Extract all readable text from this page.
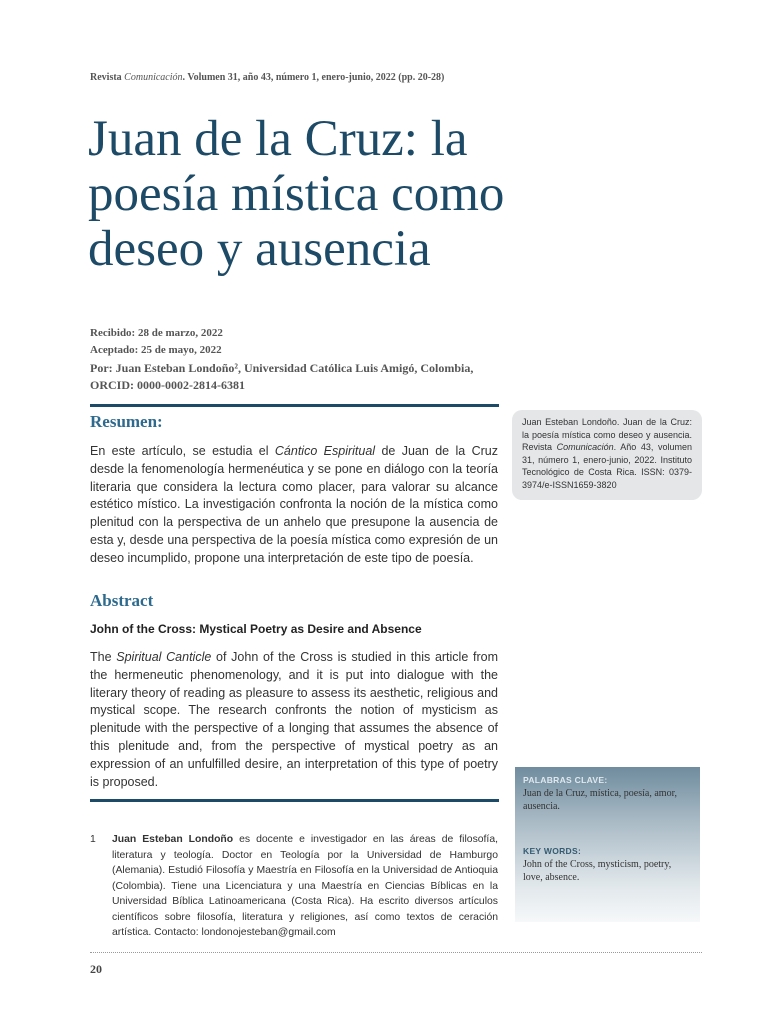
Revista Comunicación. Volumen 31, año 43, número 1, enero-junio, 2022 (pp. 20-28)
Juan de la Cruz: la poesía mística como deseo y ausencia
Recibido: 28 de marzo, 2022
Aceptado: 25 de mayo, 2022
Por: Juan Esteban Londoño², Universidad Católica Luis Amigó, Colombia, ORCID: 0000-0002-2814-6381
Resumen:
En este artículo, se estudia el Cántico Espiritual de Juan de la Cruz desde la fenomenología hermenéutica y se pone en diálogo con la teoría literaria que considera la lectura como placer, para valorar su alcance estético místico. La investigación confronta la noción de la mística como plenitud con la perspectiva de un anhelo que presupone la ausencia de esta y, desde una perspectiva de la poesía mística como expresión de un deseo incumplido, propone una interpretación de este tipo de poesía.
Abstract
John of the Cross: Mystical Poetry as Desire and Absence
The Spiritual Canticle of John of the Cross is studied in this article from the hermeneutic phenomenology, and it is put into dialogue with the literary theory of reading as pleasure to assess its aesthetic, religious and mystical scope. The research confronts the notion of mysticism as plenitude with the perspective of a longing that assumes the absence of this plenitude and, from the perspective of mystical poetry as an expression of an unfulfilled desire, an interpretation of this type of poetry is proposed.
Juan Esteban Londoño. Juan de la Cruz: la poesía mística como deseo y ausencia. Revista Comunicación. Año 43, volumen 31, número 1, enero-junio, 2022. Instituto Tecnológico de Costa Rica. ISSN: 0379-3974/e-ISSN1659-3820
PALABRAS CLAVE:
Juan de la Cruz, mística, poesía, amor, ausencia.
KEY WORDS:
John of the Cross, mysticism, poetry, love, absence.
1 Juan Esteban Londoño es docente e investigador en las áreas de filosofía, literatura y teología. Doctor en Teología por la Universidad de Hamburgo (Alemania). Estudió Filosofía y Maestría en Filosofía en la Universidad de Antioquia (Colombia). Tiene una Licenciatura y una Maestría en Ciencias Bíblicas en la Universidad Bíblica Latinoamericana (Costa Rica). Ha escrito diversos artículos científicos sobre filosofía, literatura y religiones, así como textos de ceración artística. Contacto: londonojesteban@gmail.com
20
